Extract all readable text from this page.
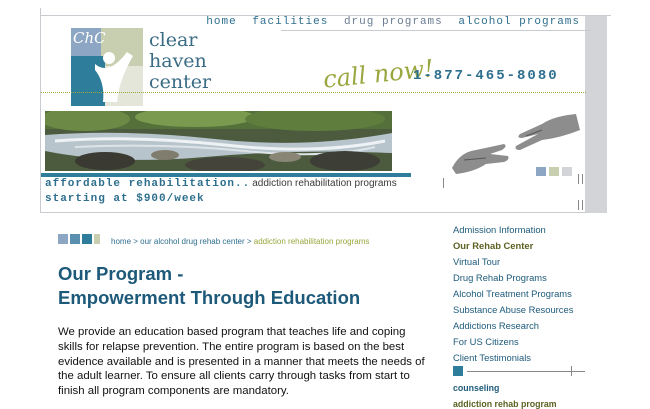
home facilities drug programs alcohol programs
ChC clear
haven
center	call now!
1-877-465-8080
affordable rehabilitation.. addiction rehabilitation programs
starting at $900/week
home > our alcohol drug rehab center > addiction rehabilitation programs
Our Program -
Empowerment Through Education

We provide an education based program that teaches life and coping skills for relapse prevention. The entire program is based on the best evidence available and is presented in a manner that meets the needs of the adult learner. To ensure all clients carry through tasks from start to finish all program components are mandatory.

Admission Information
Our Rehab Center
Virtual Tour
Drug Rehab Programs
Alcohol Treatment Programs
Substance Abuse Resources
Addictions Research
For US Citizens
Client Testimonials
counseling
addiction rehab program
